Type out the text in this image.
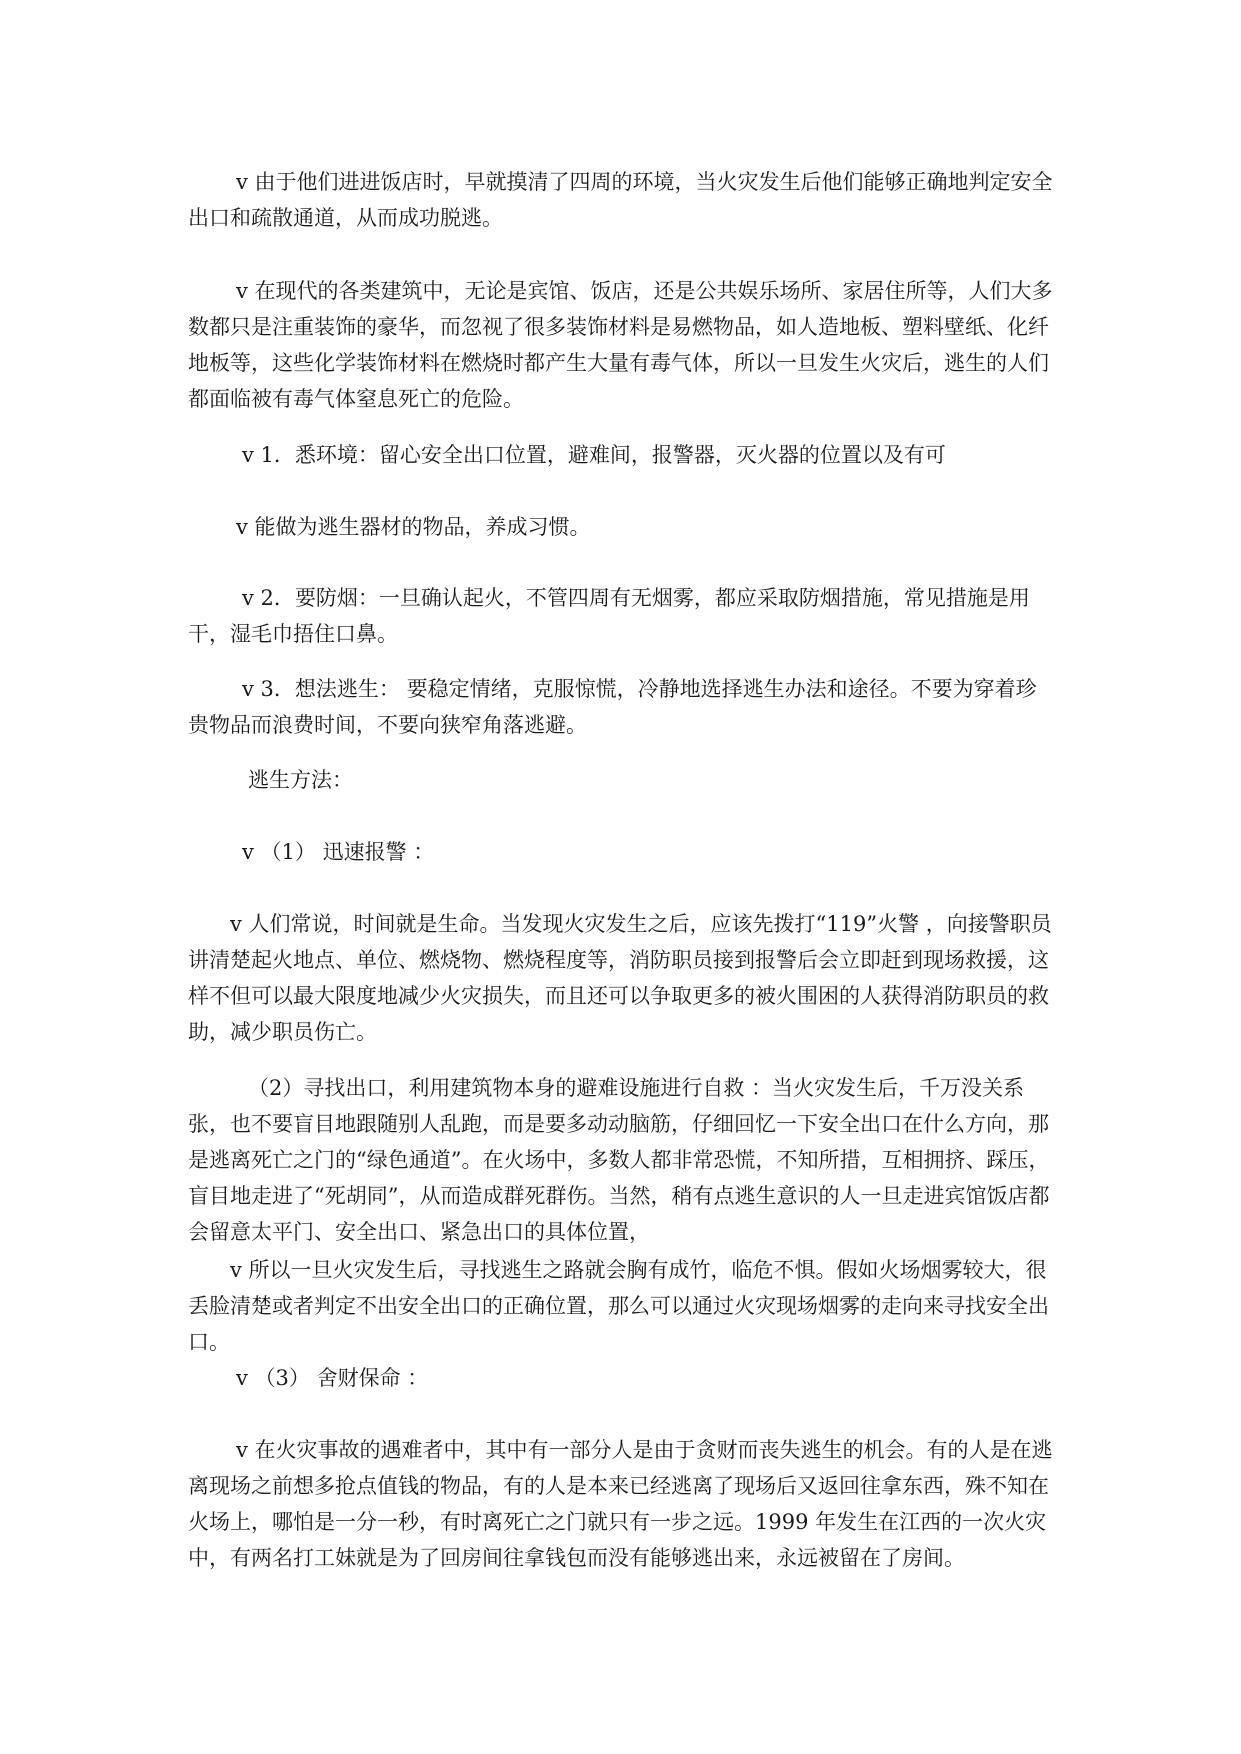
v 由于他们进进饭店时，早就摸清了四周的环境，当火灾发生后他们能够正确地判定安全出口和疏散通道，从而成功脱逃。

v 在现代的各类建筑中，无论是宾馆、饭店，还是公共娱乐场所、家居住所等，人们大多数都只是注重装饰的豪华，而忽视了很多装饰材料是易燃物品，如人造地板、塑料壁纸、化纤地板等，这些化学装饰材料在燃烧时都产生大量有毒气体，所以一旦发生火灾后，逃生的人们都面临被有毒气体窒息死亡的危险。

v 1．悉环境：留心安全出口位置，避难间，报警器，灭火器的位置以及有可

v 能做为逃生器材的物品，养成习惯。

v 2．要防烟：一旦确认起火，不管四周有无烟雾，都应采取防烟措施，常见措施是用干，湿毛巾捂住口鼻。

v 3．想法逃生： 要稳定情绪，克服惊慌，冷静地选择逃生办法和途径。不要为穿着珍贵物品而浪费时间，不要向狭窄角落逃避。

逃生方法：

v （1） 迅速报警 ：

v 人们常说，时间就是生命。当发现火灾发生之后，应该先拨打“119”火警 ，向接警职员讲清楚起火地点、单位、燃烧物、燃烧程度等，消防职员接到报警后会立即赶到现场救援，这样不但可以最大限度地减少火灾损失，而且还可以争取更多的被火围困的人获得消防职员的救助，减少职员伤亡。

（2）寻找出口，利用建筑物本身的避难设施进行自救 ：当火灾发生后，千万没关系张，也不要盲目地跟随别人乱跑，而是要多动动脑筋，仔细回忆一下安全出口在什么方向，那是逃离死亡之门的“绿色通道”。在火场中，多数人都非常恐慌，不知所措，互相拥挤、踩压，盲目地走进了“死胡同”，从而造成群死群伤。当然，稍有点逃生意识的人一旦走进宾馆饭店都会留意太平门、安全出口、紧急出口的具体位置，

v 所以一旦火灾发生后，寻找逃生之路就会胸有成竹，临危不惧。假如火场烟雾较大，很丢脸清楚或者判定不出安全出口的正确位置，那么可以通过火灾现场烟雾的走向来寻找安全出口。

v （3） 舍财保命 ：

v 在火灾事故的遇难者中，其中有一部分人是由于贪财而丧失逃生的机会。有的人是在逃离现场之前想多抢点值钱的物品，有的人是本来已经逃离了现场后又返回往拿东西，殊不知在火场上，哪怕是一分一秒，有时离死亡之门就只有一步之远。1999 年发生在江西的一次火灾中，有两名打工妹就是为了回房间往拿钱包而没有能够逃出来，永远被留在了房间。
